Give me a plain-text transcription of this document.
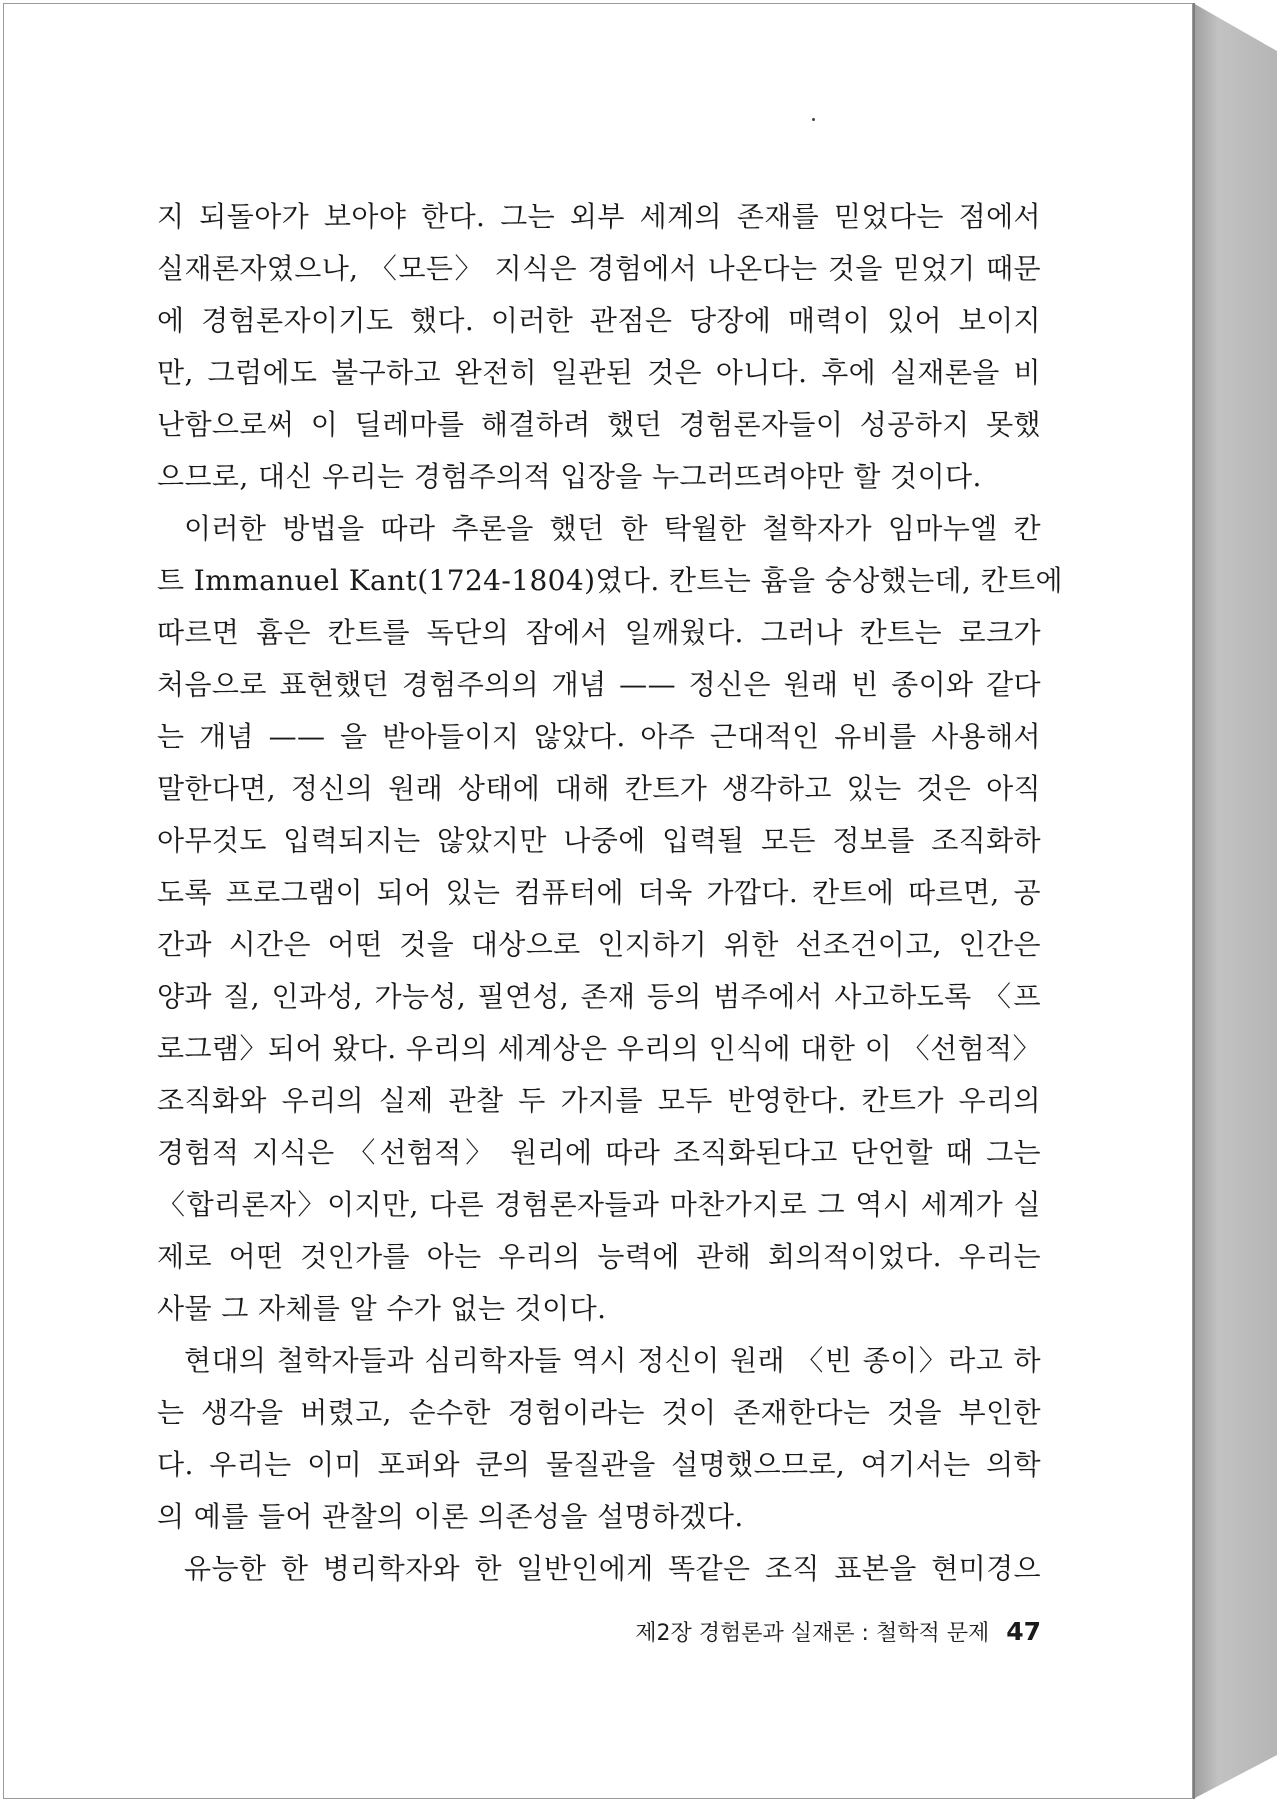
지 되돌아가 보아야 한다. 그는 외부 세계의 존재를 믿었다는 점에서
실재론자였으나, 〈모든〉 지식은 경험에서 나온다는 것을 믿었기 때문
에 경험론자이기도 했다. 이러한 관점은 당장에 매력이 있어 보이지
만, 그럼에도 불구하고 완전히 일관된 것은 아니다. 후에 실재론을 비
난함으로써 이 딜레마를 해결하려 했던 경험론자들이 성공하지 못했
으므로, 대신 우리는 경험주의적 입장을 누그러뜨려야만 할 것이다.
이러한 방법을 따라 추론을 했던 한 탁월한 철학자가 임마누엘 칸
트 Immanuel Kant(1724-1804)였다. 칸트는 흄을 숭상했는데, 칸트에
따르면 흄은 칸트를 독단의 잠에서 일깨웠다. 그러나 칸트는 로크가
처음으로 표현했던 경험주의의 개념 —— 정신은 원래 빈 종이와 같다
는 개념 —— 을 받아들이지 않았다. 아주 근대적인 유비를 사용해서
말한다면, 정신의 원래 상태에 대해 칸트가 생각하고 있는 것은 아직
아무것도 입력되지는 않았지만 나중에 입력될 모든 정보를 조직화하
도록 프로그램이 되어 있는 컴퓨터에 더욱 가깝다. 칸트에 따르면, 공
간과 시간은 어떤 것을 대상으로 인지하기 위한 선조건이고, 인간은
양과 질, 인과성, 가능성, 필연성, 존재 등의 범주에서 사고하도록 〈프
로그램〉되어 왔다. 우리의 세계상은 우리의 인식에 대한 이 〈선험적〉
조직화와 우리의 실제 관찰 두 가지를 모두 반영한다. 칸트가 우리의
경험적 지식은 〈선험적〉 원리에 따라 조직화된다고 단언할 때 그는
〈합리론자〉이지만, 다른 경험론자들과 마찬가지로 그 역시 세계가 실
제로 어떤 것인가를 아는 우리의 능력에 관해 회의적이었다. 우리는
사물 그 자체를 알 수가 없는 것이다.
현대의 철학자들과 심리학자들 역시 정신이 원래 〈빈 종이〉라고 하
는 생각을 버렸고, 순수한 경험이라는 것이 존재한다는 것을 부인한
다. 우리는 이미 포퍼와 쿤의 물질관을 설명했으므로, 여기서는 의학
의 예를 들어 관찰의 이론 의존성을 설명하겠다.
유능한 한 병리학자와 한 일반인에게 똑같은 조직 표본을 현미경으
제2장 경험론과 실재론 : 철학적 문제 47
